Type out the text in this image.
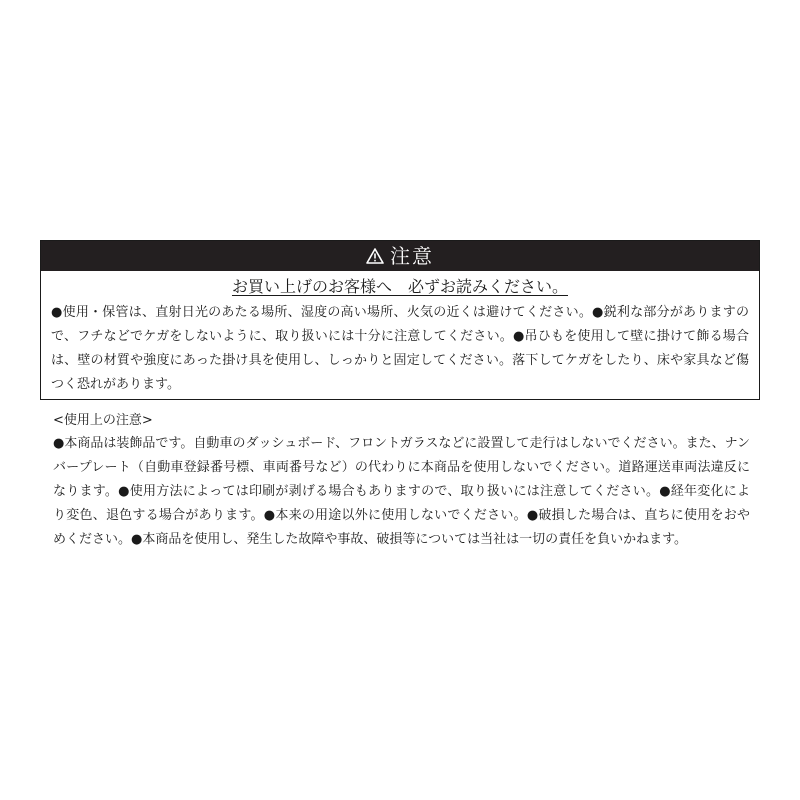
注意
お買い上げのお客様へ　必ずお読みください。
●使用・保管は、直射日光のあたる場所、湿度の高い場所、火気の近くは避けてください。●鋭利な部分がありますので、フチなどでケガをしないように、取り扱いには十分に注意してください。●吊ひもを使用して壁に掛けて飾る場合は、壁の材質や強度にあった掛け具を使用し、しっかりと固定してください。落下してケガをしたり、床や家具など傷つく恐れがあります。
<使用上の注意>
●本商品は装飾品です。自動車のダッシュボード、フロントガラスなどに設置して走行はしないでください。また、ナンバープレート（自動車登録番号標、車両番号など）の代わりに本商品を使用しないでください。道路運送車両法違反になります。●使用方法によっては印刷が剥げる場合もありますので、取り扱いには注意してください。●経年変化により変色、退色する場合があります。●本来の用途以外に使用しないでください。●破損した場合は、直ちに使用をおやめください。●本商品を使用し、発生した故障や事故、破損等については当社は一切の責任を負いかねます。
